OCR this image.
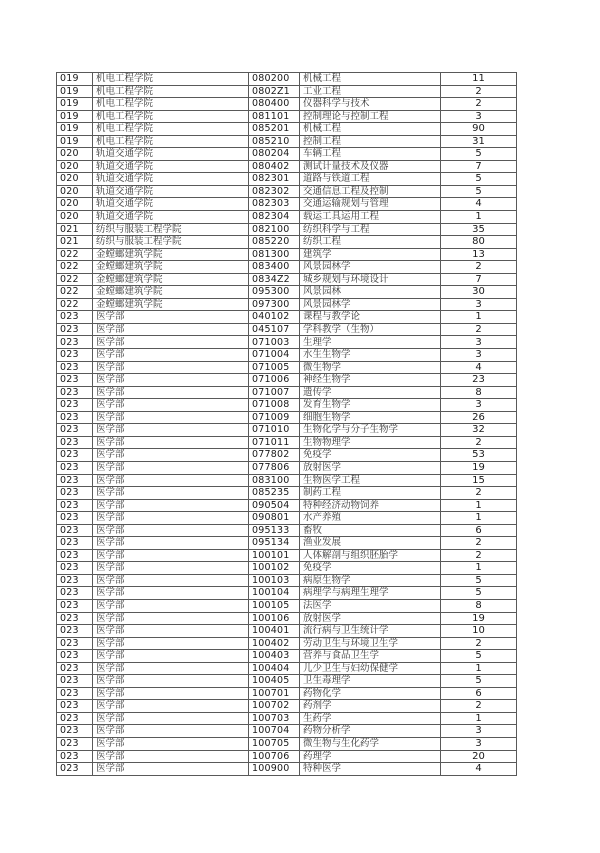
019	机电工程学院	080200	机械工程	11
019	机电工程学院	0802Z1	工业工程	2
019	机电工程学院	080400	仪器科学与技术	2
019	机电工程学院	081101	控制理论与控制工程	3
019	机电工程学院	085201	机械工程	90
019	机电工程学院	085210	控制工程	31
020	轨道交通学院	080204	车辆工程	5
020	轨道交通学院	080402	测试计量技术及仪器	7
020	轨道交通学院	082301	道路与铁道工程	5
020	轨道交通学院	082302	交通信息工程及控制	5
020	轨道交通学院	082303	交通运输规划与管理	4
020	轨道交通学院	082304	载运工具运用工程	1
021	纺织与服装工程学院	082100	纺织科学与工程	35
021	纺织与服装工程学院	085220	纺织工程	80
022	金螳螂建筑学院	081300	建筑学	13
022	金螳螂建筑学院	083400	风景园林学	2
022	金螳螂建筑学院	0834Z2	城乡规划与环境设计	7
022	金螳螂建筑学院	095300	风景园林	30
022	金螳螂建筑学院	097300	风景园林学	3
023	医学部	040102	课程与教学论	1
023	医学部	045107	学科教学（生物）	2
023	医学部	071003	生理学	3
023	医学部	071004	水生生物学	3
023	医学部	071005	微生物学	4
023	医学部	071006	神经生物学	23
023	医学部	071007	遗传学	8
023	医学部	071008	发育生物学	3
023	医学部	071009	细胞生物学	26
023	医学部	071010	生物化学与分子生物学	32
023	医学部	071011	生物物理学	2
023	医学部	077802	免疫学	53
023	医学部	077806	放射医学	19
023	医学部	083100	生物医学工程	15
023	医学部	085235	制药工程	2
023	医学部	090504	特种经济动物饲养	1
023	医学部	090801	水产养殖	1
023	医学部	095133	畜牧	6
023	医学部	095134	渔业发展	2
023	医学部	100101	人体解剖与组织胚胎学	2
023	医学部	100102	免疫学	1
023	医学部	100103	病原生物学	5
023	医学部	100104	病理学与病理生理学	5
023	医学部	100105	法医学	8
023	医学部	100106	放射医学	19
023	医学部	100401	流行病与卫生统计学	10
023	医学部	100402	劳动卫生与环境卫生学	2
023	医学部	100403	营养与食品卫生学	5
023	医学部	100404	儿少卫生与妇幼保健学	1
023	医学部	100405	卫生毒理学	5
023	医学部	100701	药物化学	6
023	医学部	100702	药剂学	2
023	医学部	100703	生药学	1
023	医学部	100704	药物分析学	3
023	医学部	100705	微生物与生化药学	3
023	医学部	100706	药理学	20
023	医学部	100900	特种医学	4
